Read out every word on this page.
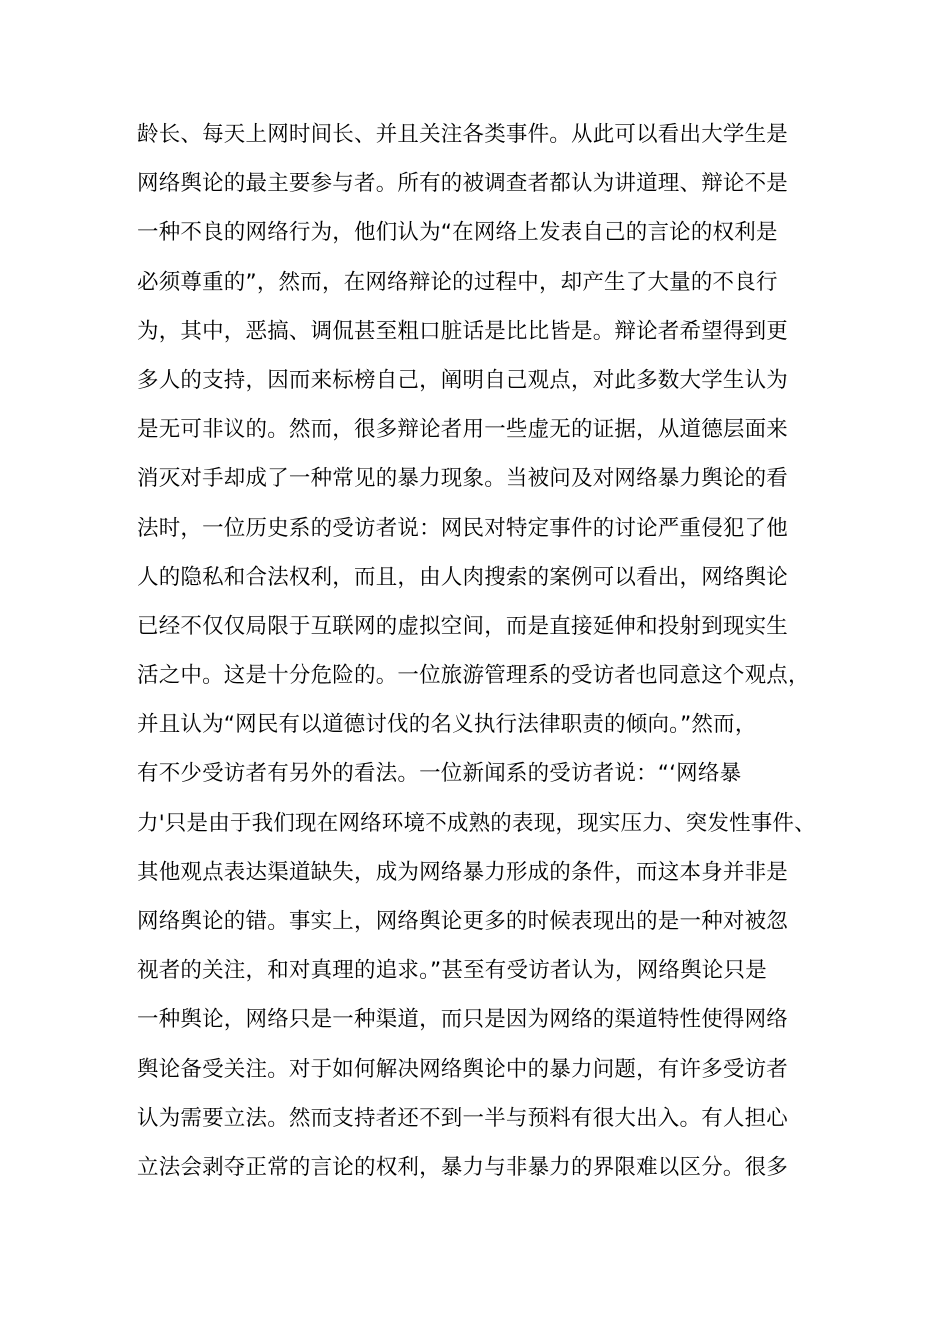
龄长、每天上网时间长、并且关注各类事件。从此可以看出大学生是
网络舆论的最主要参与者。所有的被调查者都认为讲道理、辩论不是
一种不良的网络行为，他们认为“在网络上发表自己的言论的权利是
必须尊重的”，然而，在网络辩论的过程中，却产生了大量的不良行
为，其中，恶搞、调侃甚至粗口脏话是比比皆是。辩论者希望得到更
多人的支持，因而来标榜自己，阐明自己观点，对此多数大学生认为
是无可非议的。然而，很多辩论者用一些虚无的证据，从道德层面来
消灭对手却成了一种常见的暴力现象。当被问及对网络暴力舆论的看
法时，一位历史系的受访者说：网民对特定事件的讨论严重侵犯了他
人的隐私和合法权利，而且，由人肉搜索的案例可以看出，网络舆论
已经不仅仅局限于互联网的虚拟空间，而是直接延伸和投射到现实生
活之中。这是十分危险的。一位旅游管理系的受访者也同意这个观点，
并且认为“网民有以道德讨伐的名义执行法律职责的倾向。”然而，
有不少受访者有另外的看法。一位新闻系的受访者说：“‘网络暴
力'只是由于我们现在网络环境不成熟的表现，现实压力、突发性事件、
其他观点表达渠道缺失，成为网络暴力形成的条件，而这本身并非是
网络舆论的错。事实上，网络舆论更多的时候表现出的是一种对被忽
视者的关注，和对真理的追求。”甚至有受访者认为，网络舆论只是
一种舆论，网络只是一种渠道，而只是因为网络的渠道特性使得网络
舆论备受关注。对于如何解决网络舆论中的暴力问题，有许多受访者
认为需要立法。然而支持者还不到一半与预料有很大出入。有人担心
立法会剥夺正常的言论的权利，暴力与非暴力的界限难以区分。很多
